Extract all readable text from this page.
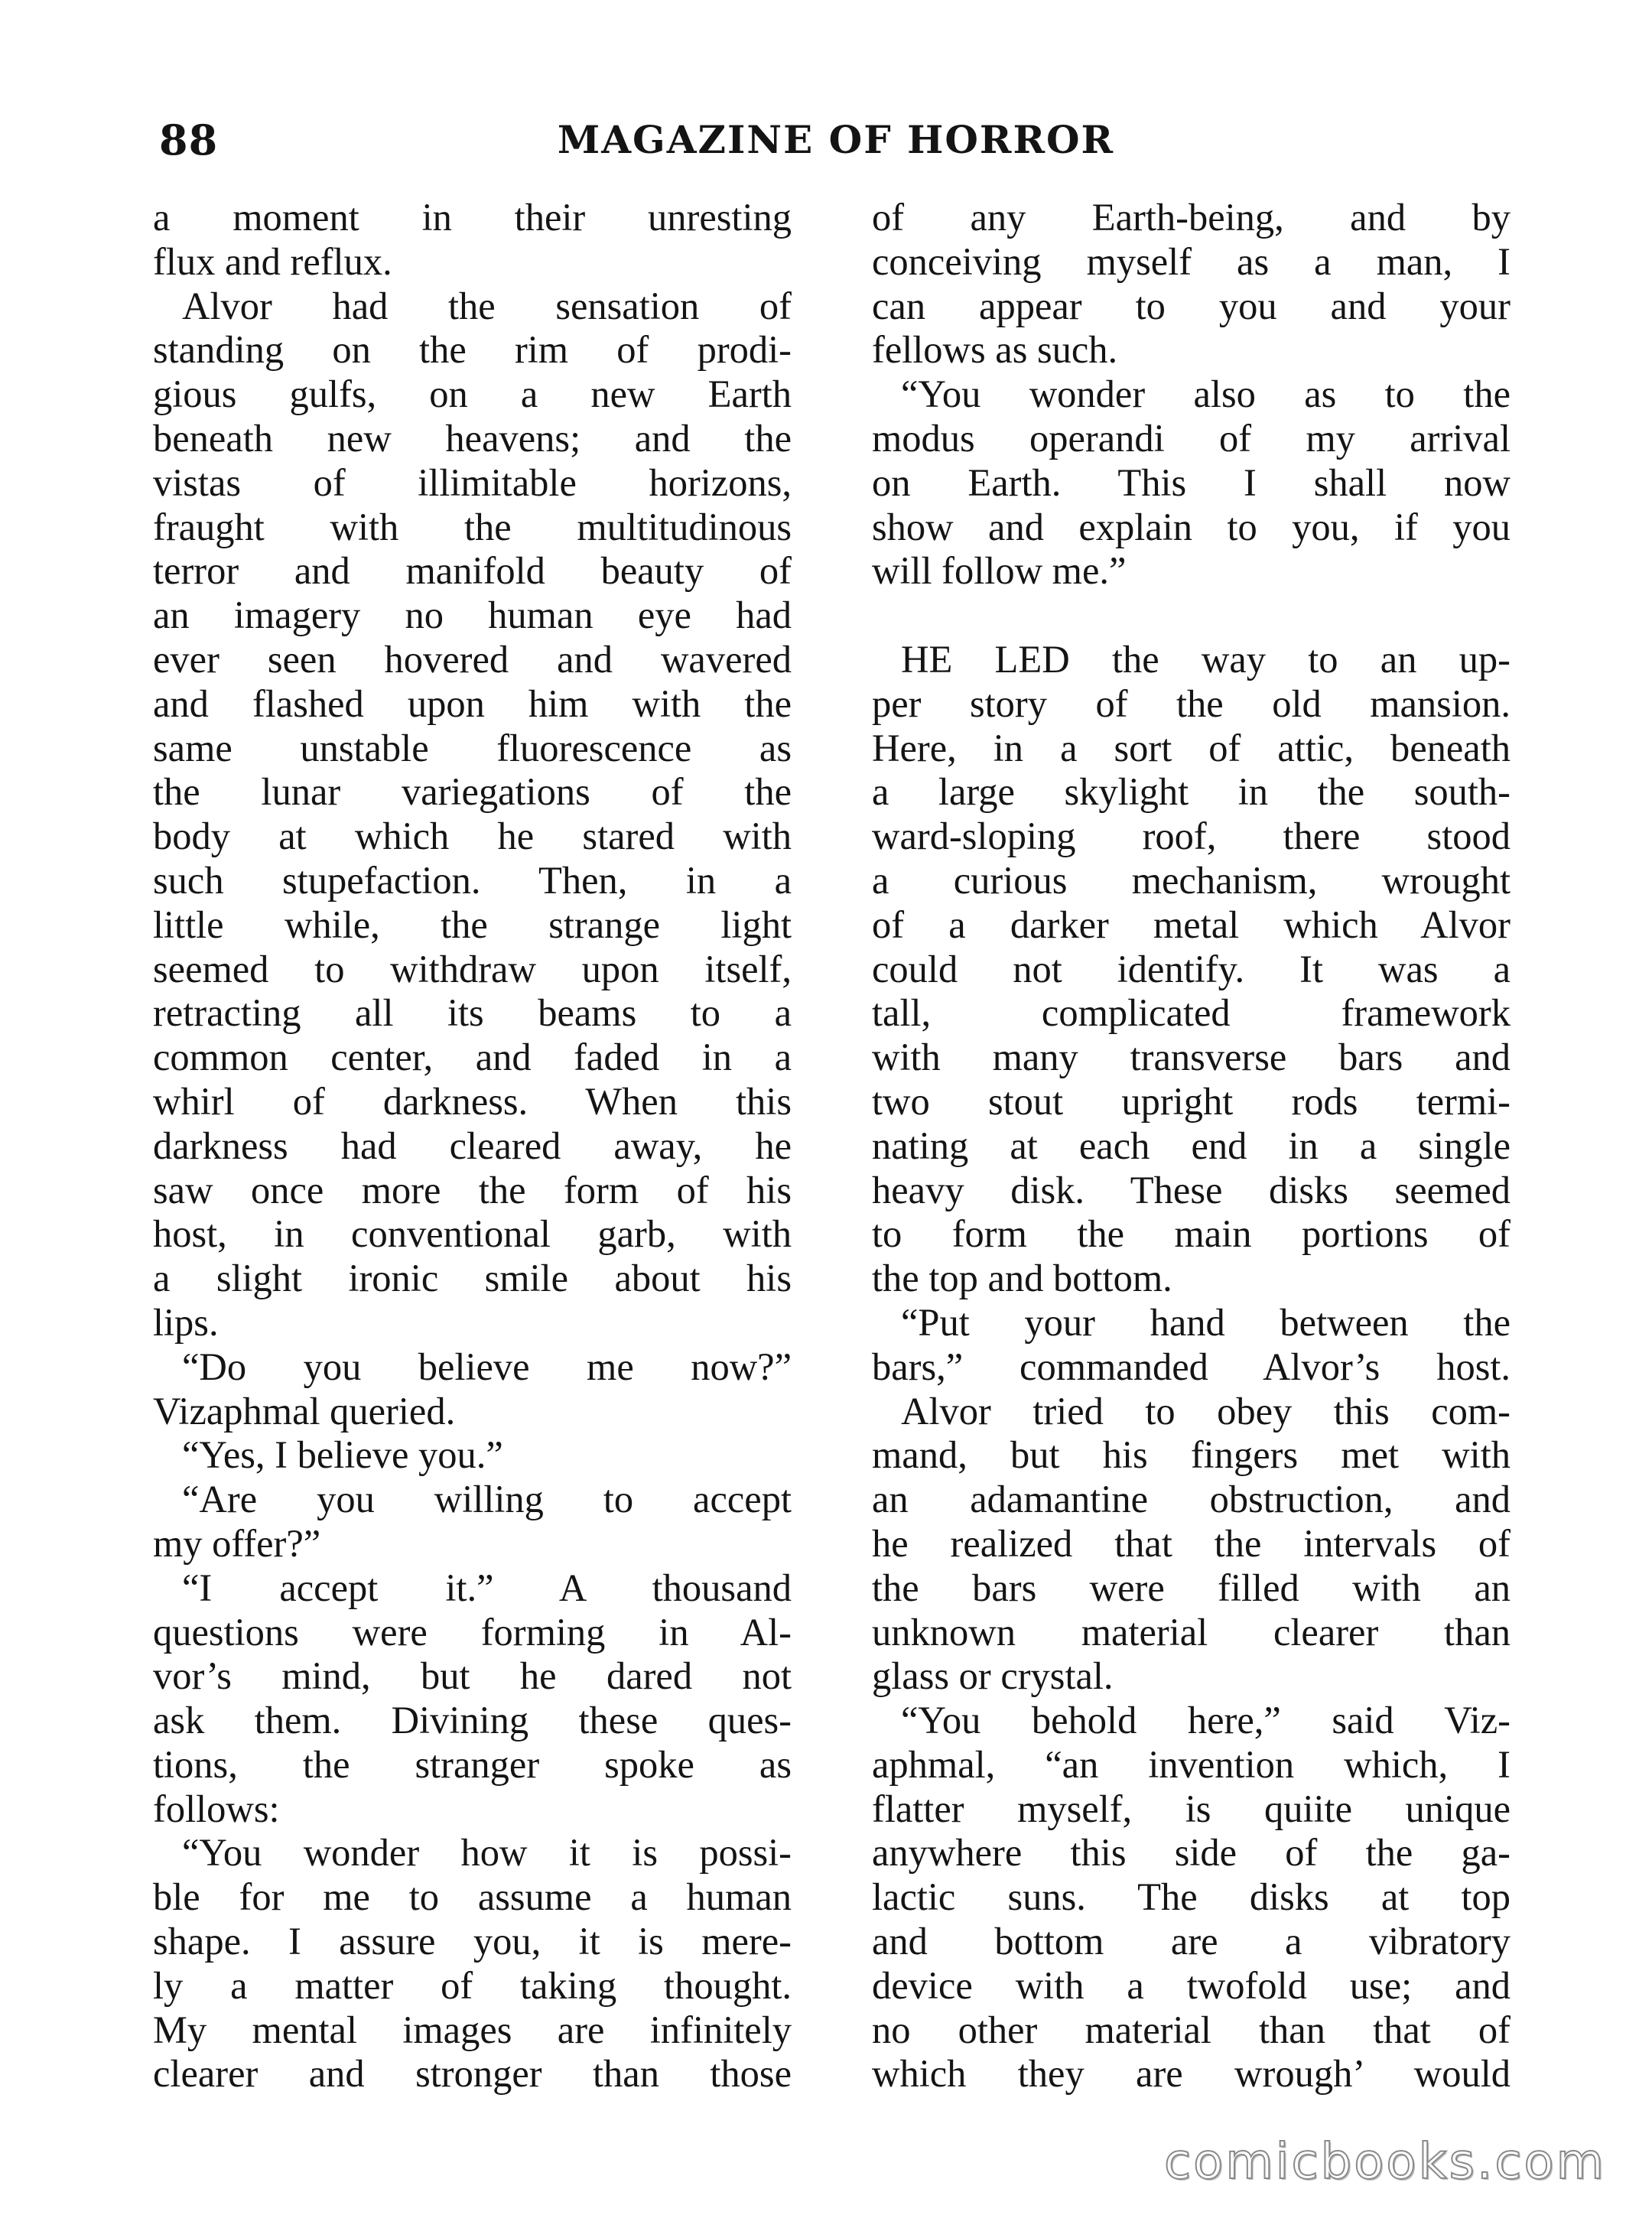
88	MAGAZINE OF HORROR
a moment in their unresting
flux and reflux.
Alvor had the sensation of
standing on the rim of prodi-
gious gulfs, on a new Earth
beneath new heavens; and the
vistas of illimitable horizons,
fraught with the multitudinous
terror and manifold beauty of
an imagery no human eye had
ever seen hovered and wavered
and flashed upon him with the
same unstable fluorescence as
the lunar variegations of the
body at which he stared with
such stupefaction. Then, in a
little while, the strange light
seemed to withdraw upon itself,
retracting all its beams to a
common center, and faded in a
whirl of darkness. When this
darkness had cleared away, he
saw once more the form of his
host, in conventional garb, with
a slight ironic smile about his
lips.
“Do you believe me now?”
Vizaphmal queried.
“Yes, I believe you.”
“Are you willing to accept
my offer?”
“I accept it.” A thousand
questions were forming in Al-
vor’s mind, but he dared not
ask them. Divining these ques-
tions, the stranger spoke as
follows:
“You wonder how it is possi-
ble for me to assume a human
shape. I assure you, it is mere-
ly a matter of taking thought.
My mental images are infinitely
clearer and stronger than those
of any Earth-being, and by
conceiving myself as a man, I
can appear to you and your
fellows as such.
“You wonder also as to the
modus operandi of my arrival
on Earth. This I shall now
show and explain to you, if you
will follow me.”
HE LED the way to an up-
per story of the old mansion.
Here, in a sort of attic, beneath
a large skylight in the south-
ward-sloping roof, there stood
a curious mechanism, wrought
of a darker metal which Alvor
could not identify. It was a
tall, complicated framework
with many transverse bars and
two stout upright rods termi-
nating at each end in a single
heavy disk. These disks seemed
to form the main portions of
the top and bottom.
“Put your hand between the
bars,” commanded Alvor’s host.
Alvor tried to obey this com-
mand, but his fingers met with
an adamantine obstruction, and
he realized that the intervals of
the bars were filled with an
unknown material clearer than
glass or crystal.
“You behold here,” said Viz-
aphmal, “an invention which, I
flatter myself, is quiite unique
anywhere this side of the ga-
lactic suns. The disks at top
and bottom are a vibratory
device with a twofold use; and
no other material than that of
which they are wrough’ would
comicbooks.com
